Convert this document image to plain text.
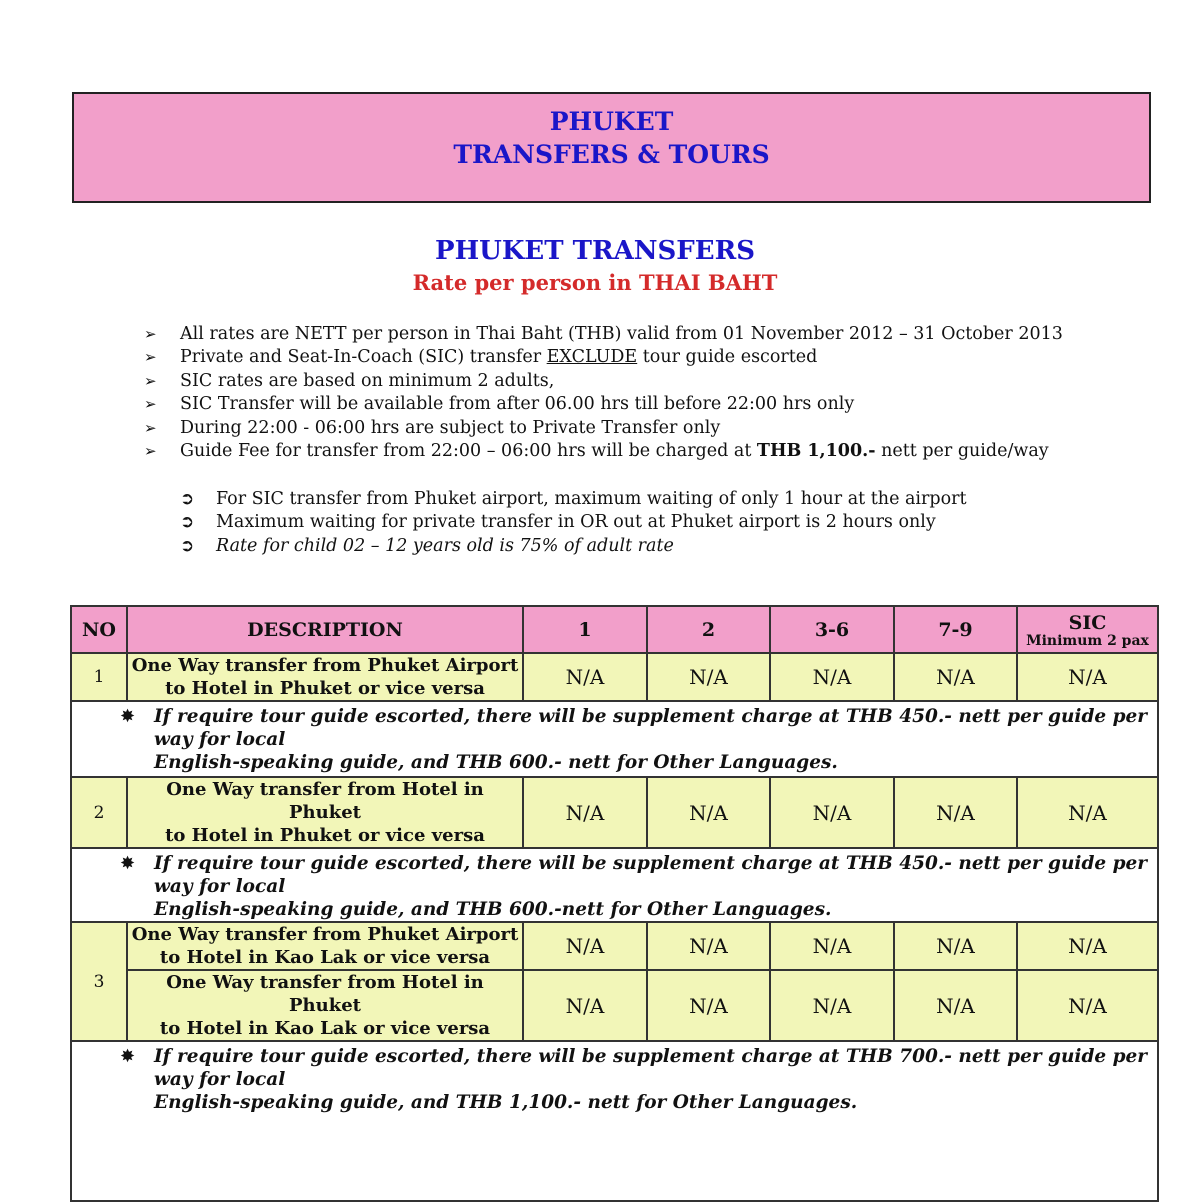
PHUKET
TRANSFERS & TOURS
PHUKET TRANSFERS
Rate per person in THAI BAHT
➢ All rates are NETT per person in Thai Baht (THB) valid from 01 November 2012 – 31 October 2013
➢ Private and Seat-In-Coach (SIC) transfer EXCLUDE tour guide escorted
➢ SIC rates are based on minimum 2 adults,
➢ SIC Transfer will be available from after 06.00 hrs till before 22:00 hrs only
➢ During 22:00 - 06:00 hrs are subject to Private Transfer only
➢ Guide Fee for transfer from 22:00 – 06:00 hrs will be charged at THB 1,100.- nett per guide/way
➲ For SIC transfer from Phuket airport, maximum waiting of only 1 hour at the airport
➲ Maximum waiting for private transfer in OR out at Phuket airport is 2 hours only
➲ Rate for child 02 – 12 years old is 75% of adult rate
NO	DESCRIPTION	1	2	3-6	7-9	SIC
Minimum 2 pax

1	One Way transfer from Phuket Airport
to Hotel in Phuket or vice versa	N/A	N/A	N/A	N/A	N/A

✸ If require tour guide escorted, there will be supplement charge at THB 450.- nett per guide per way for local
English-speaking guide, and THB 600.- nett for Other Languages.						

2	One Way transfer from Hotel in Phuket
to Hotel in Phuket or vice versa	N/A	N/A	N/A	N/A	N/A

✸ If require tour guide escorted, there will be supplement charge at THB 450.- nett per guide per way for local
English-speaking guide, and THB 600.-nett for Other Languages.						

3	One Way transfer from Phuket Airport
to Hotel in Kao Lak or vice versa	N/A	N/A	N/A	N/A	N/A

	One Way transfer from Hotel in Phuket
to Hotel in Kao Lak or vice versa	N/A	N/A	N/A	N/A	N/A

✸ If require tour guide escorted, there will be supplement charge at THB 700.- nett per guide per way for local
English-speaking guide, and THB 1,100.- nett for Other Languages.						
